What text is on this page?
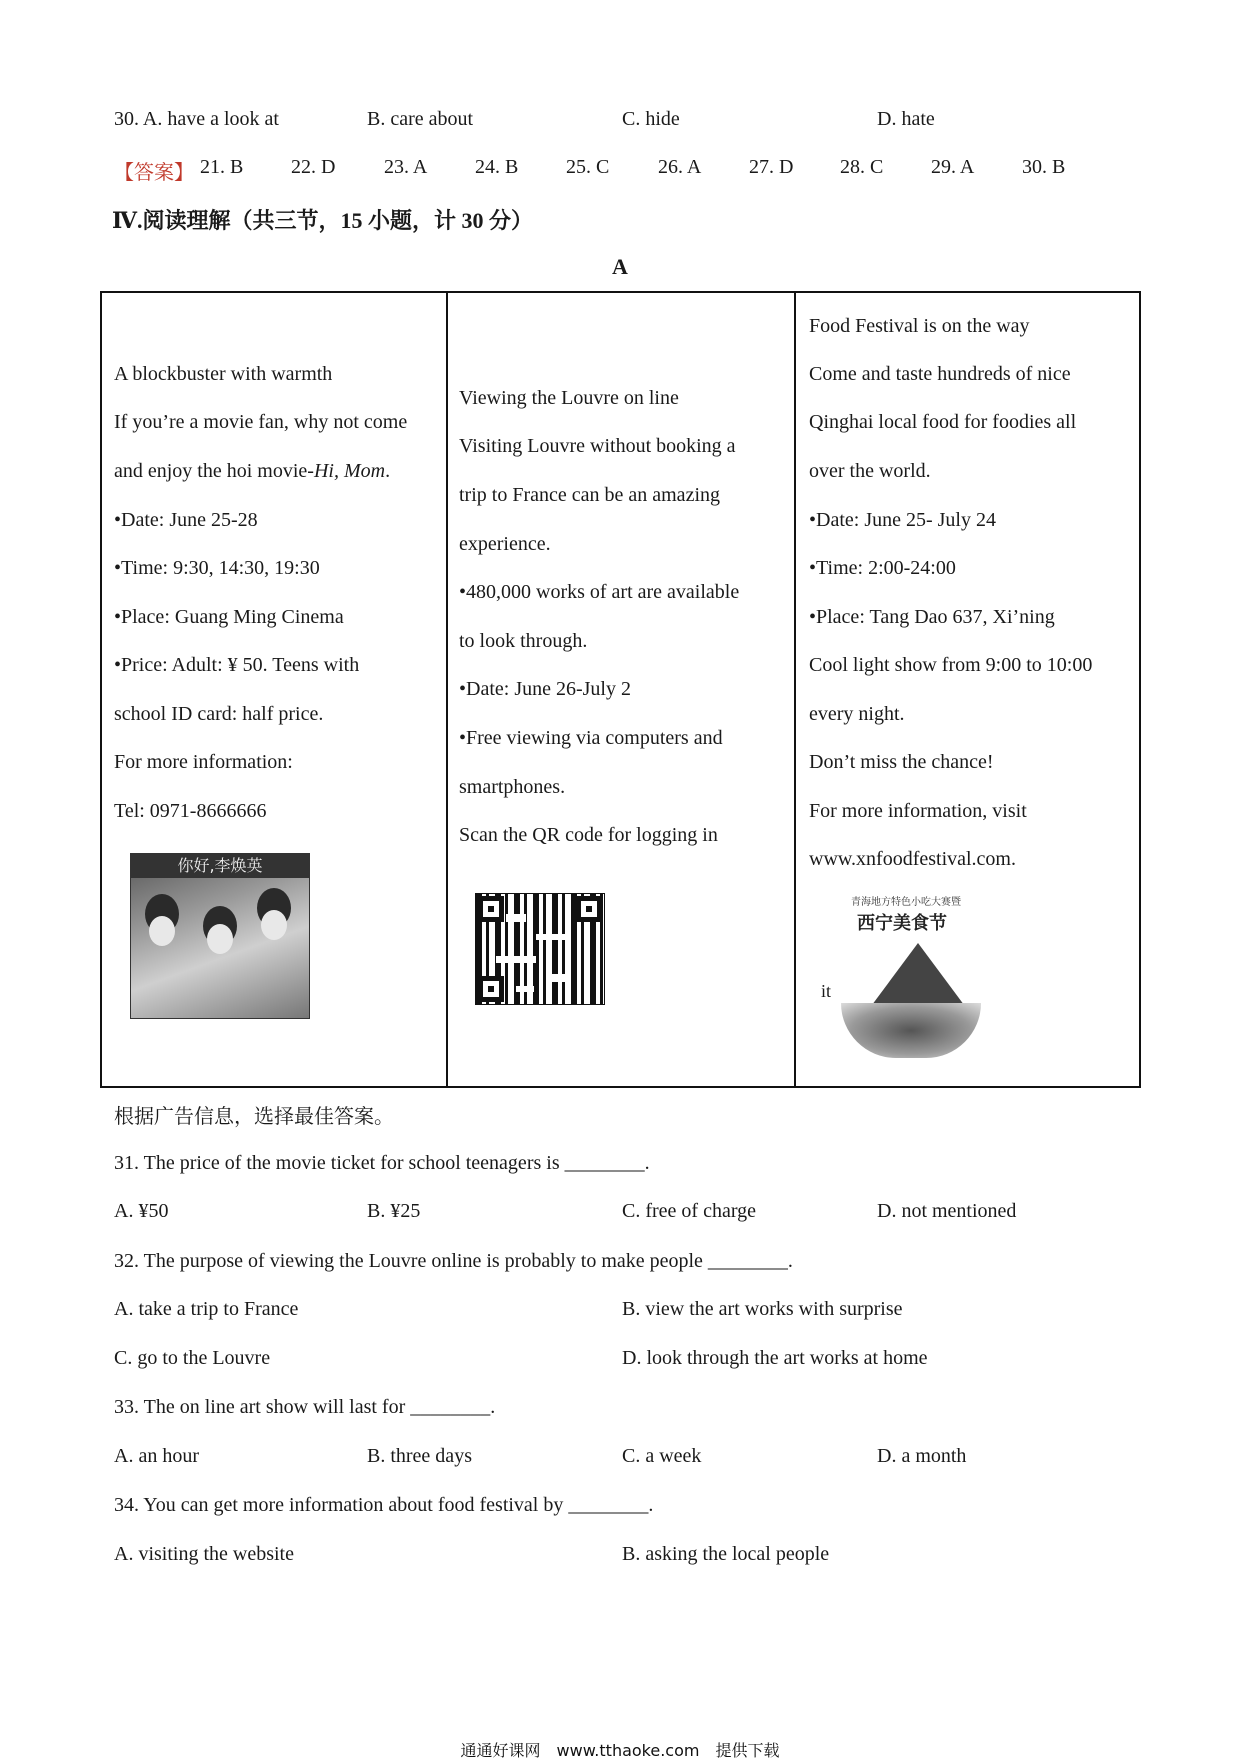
30. A. have a look at	B. care about	C. hide	D. hate
【答案】 21. B 22. D 23. A 24. B 25. C 26. A 27. D 28. C 29. A 30. B
Ⅳ.阅读理解（共三节，15 小题，计 30 分）
A
A blockbuster with warmth
If you’re a movie fan, why not come
and enjoy the hoi movie-Hi, Mom.
•Date: June 25-28
•Time: 9:30, 14:30, 19:30
•Place: Guang Ming Cinema
•Price: Adult: ¥ 50. Teens with
school ID card: half price.
For more information:
Tel: 0971-8666666
你好,李焕英
Viewing the Louvre on line
Visiting Louvre without booking a
trip to France can be an amazing
experience.
•480,000 works of art are available
to look through.
•Date: June 26-July 2
•Free viewing via computers and
smartphones.
Scan the QR code for logging in
Food Festival is on the way
Come and taste hundreds of nice
Qinghai local food for foodies all
over the world.
•Date: June 25- July 24
•Time: 2:00-24:00
•Place: Tang Dao 637, Xi’ning
Cool light show from 9:00 to 10:00
every night.
Don’t miss the chance!
For more information, visit
www.xnfoodfestival.com.
青海地方特色小吃大赛暨
西宁美食节
it
根据广告信息，选择最佳答案。
31. The price of the movie ticket for school teenagers is ________.
A. ¥50	B. ¥25	C. free of charge	D. not mentioned
32. The purpose of viewing the Louvre online is probably to make people ________.
A. take a trip to France	B. view the art works with surprise
C. go to the Louvre	D. look through the art works at home
33. The on line art show will last for ________.
A. an hour	B. three days	C. a week	D. a month
34. You can get more information about food festival by ________.
A. visiting the website	B. asking the local people
通通好课网　www.tthaoke.com　提供下载
